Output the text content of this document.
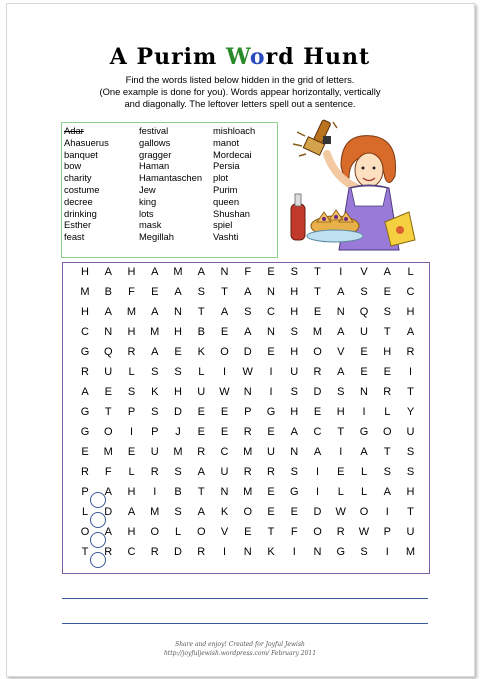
A Purim Word Hunt
Find the words listed below hidden in the grid of letters.
(One example is done for you). Words appear horizontally, vertically
and diagonally. The leftover letters spell out a sentence.
Adar
Ahasuerus
banquet
bow
charity
costume
decree
drinking
Esther
feast
festival
gallows
gragger
Haman
Hamantaschen
Jew
king
lots
mask
Megillah
mishloach
manot
Mordecai
Persia
plot
Purim
queen
Shushan
spiel
Vashti
H	A	H	A	M	A	N	F	E	S	T	I	V	A	L
M	B	F	E	A	S	T	A	N	H	T	A	S	E	C
H	A	M	A	N	T	A	S	C	H	E	N	Q	S	H
C	N	H	M	H	B	E	A	N	S	M	A	U	T	A
G	Q	R	A	E	K	O	D	E	H	O	V	E	H	R
R	U	L	S	S	L	I	W	I	U	R	A	E	E	I
A	E	S	K	H	U	W	N	I	S	D	S	N	R	T
G	T	P	S	D	E	E	P	G	H	E	H	I	L	Y
G	O	I	P	J	E	E	R	E	A	C	T	G	O	U
E	M	E	U	M	R	C	M	U	N	A	I	A	T	S
R	F	L	R	S	A	U	R	R	S	I	E	L	S	S
P	A	H	I	B	T	N	M	E	G	I	L	L	A	H
L	D	A	M	S	A	K	O	E	E	D	W	O	I	T
O	A	H	O	L	O	V	E	T	F	O	R	W	P	U
T	R	C	R	D	R	I	N	K	I	N	G	S	I	M
Share and enjoy! Created for Joyful Jewish
http://joyfuljewish.wordpress.com/ February 2011
